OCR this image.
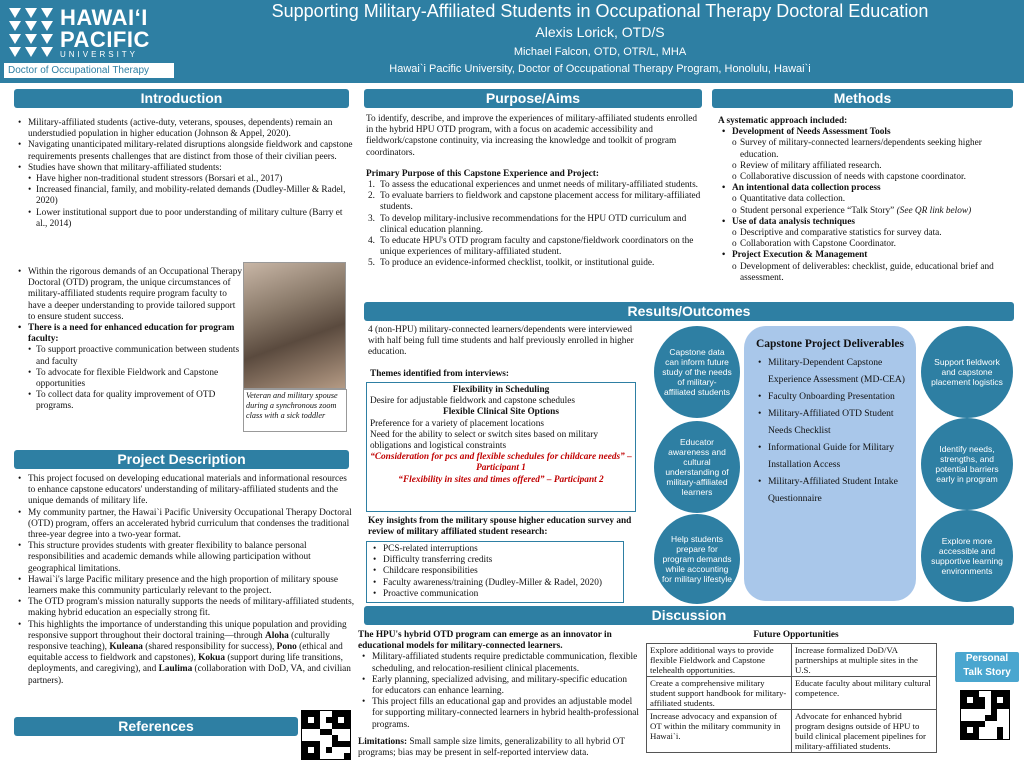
HAWAI‘I
PACIFIC
UNIVERSITY
Doctor of Occupational Therapy
Supporting Military-Affiliated Students in Occupational Therapy Doctoral Education
Alexis Lorick, OTD/S
Michael Falcon, OTD, OTR/L, MHA
Hawai`i Pacific University, Doctor of Occupational Therapy Program, Honolulu, Hawai`i
Introduction
• Military-affiliated students (active-duty, veterans, spouses, dependents) remain an understudied population in higher education (Johnson & Appel, 2020).
• Navigating unanticipated military-related disruptions alongside fieldwork and capstone requirements presents challenges that are distinct from those of their civilian peers.
• Studies have shown that military-affiliated students:
• Have higher non-traditional student stressors (Borsari et al., 2017)
• Increased financial, family, and mobility-related demands (Dudley-Miller & Radel, 2020)
• Lower institutional support due to poor understanding of military culture (Barry et al., 2014)
• Within the rigorous demands of an Occupational Therapy Doctoral (OTD) program, the unique circumstances of military-affiliated students require program faculty to have a deeper understanding to provide tailored support to ensure student success.
• There is a need for enhanced education for program faculty:
• To support proactive communication between students and faculty
• To advocate for flexible Fieldwork and Capstone opportunities
• To collect data for quality improvement of OTD programs.
Veteran and military spouse during a synchronous zoom class with a sick toddler
Project Description
• This project focused on developing educational materials and informational resources to enhance capstone educators' understanding of military-affiliated students and the unique demands of military life.
• My community partner, the Hawai`i Pacific University Occupational Therapy Doctoral (OTD) program, offers an accelerated hybrid curriculum that condenses the traditional three-year degree into a two-year format.
• This structure provides students with greater flexibility to balance personal responsibilities and academic demands while allowing participation without geographical limitations.
• Hawai`i's large Pacific military presence and the high proportion of military spouse learners make this community particularly relevant to the project.
• The OTD program's mission naturally supports the needs of military-affiliated students, making hybrid education an especially strong fit.
• This highlights the importance of understanding this unique population and providing responsive support throughout their doctoral training—through Aloha (culturally responsive teaching), Kuleana (shared responsibility for success), Pono (ethical and equitable access to fieldwork and capstones), Kokua (support during life transitions, deployments, and caregiving), and Laulima (collaboration with DoD, VA, and civilian partners).
References
Purpose/Aims
To identify, describe, and improve the experiences of military-affiliated students enrolled in the hybrid HPU OTD program, with a focus on academic accessibility and fieldwork/capstone continuity, via increasing the knowledge and toolkit of program coordinators.
Primary Purpose of this Capstone Experience and Project:
1. To assess the educational experiences and unmet needs of military-affiliated students.
2. To evaluate barriers to fieldwork and capstone placement access for military-affiliated students.
3. To develop military-inclusive recommendations for the HPU OTD curriculum and clinical education planning.
4. To educate HPU's OTD program faculty and capstone/fieldwork coordinators on the unique experiences of military-affiliated student.
5. To produce an evidence-informed checklist, toolkit, or institutional guide.
Methods
A systematic approach included:
• Development of Needs Assessment Tools
o Survey of military-connected learners/dependents seeking higher education.
o Review of military affiliated research.
o Collaborative discussion of needs with capstone coordinator.
• An intentional data collection process
o Quantitative data collection.
o Student personal experience “Talk Story” (See QR link below)
• Use of data analysis techniques
o Descriptive and comparative statistics for survey data.
o Collaboration with Capstone Coordinator.
• Project Execution & Management
o Development of deliverables: checklist, guide, educational brief and assessment.
Results/Outcomes
4 (non-HPU) military-connected learners/dependents were interviewed with half being full time students and half previously enrolled in higher education.
Themes identified from interviews:
Flexibility in Scheduling
Desire for adjustable fieldwork and capstone schedules
Flexible Clinical Site Options
Preference for a variety of placement locations
Need for the ability to select or switch sites based on military obligations and logistical constraints
“Consideration for pcs and flexible schedules for childcare needs” – Participant 1
“Flexibility in sites and times offered” – Participant 2
Key insights from the military spouse higher education survey and review of military affiliated student research:
• PCS-related interruptions
• Difficulty transferring credits
• Childcare responsibilities
• Faculty awareness/training (Dudley-Miller & Radel, 2020)
• Proactive communication
Capstone data can inform future study of the needs of military-affiliated students
Educator awareness and cultural understanding of military-affiliated learners
Help students prepare for program demands while accounting for military lifestyle
Capstone Project Deliverables
• Military-Dependent Capstone Experience Assessment (MD-CEA)
• Faculty Onboarding Presentation
• Military-Affiliated OTD Student Needs Checklist
• Informational Guide for Military Installation Access
• Military-Affiliated Student Intake Questionnaire
Support fieldwork and capstone placement logistics
Identify needs, strengths, and potential barriers early in program
Explore more accessible and supportive learning environments
Discussion
The HPU's hybrid OTD program can emerge as an innovator in educational models for military-connected learners.
• Military-affiliated students require predictable communication, flexible scheduling, and relocation-resilient clinical placements.
• Early planning, specialized advising, and military-specific education for educators can enhance learning.
• This project fills an educational gap and provides an adjustable model for supporting military-connected learners in hybrid health-professional programs.
Limitations: Small sample size limits, generalizability to all hybrid OT programs; bias may be present in self-reported interview data.
Future Opportunities
Explore additional ways to provide flexible Fieldwork and Capstone telehealth opportunities.	Increase formalized DoD/VA partnerships at multiple sites in the U.S.
Create a comprehensive military student support handbook for military-affiliated students.	Educate faculty about military cultural competence.
Increase advocacy and expansion of OT within the military community in Hawai`i.	Advocate for enhanced hybrid program designs outside of HPU to build clinical placement pipelines for military-affiliated students.
Personal Talk Story
